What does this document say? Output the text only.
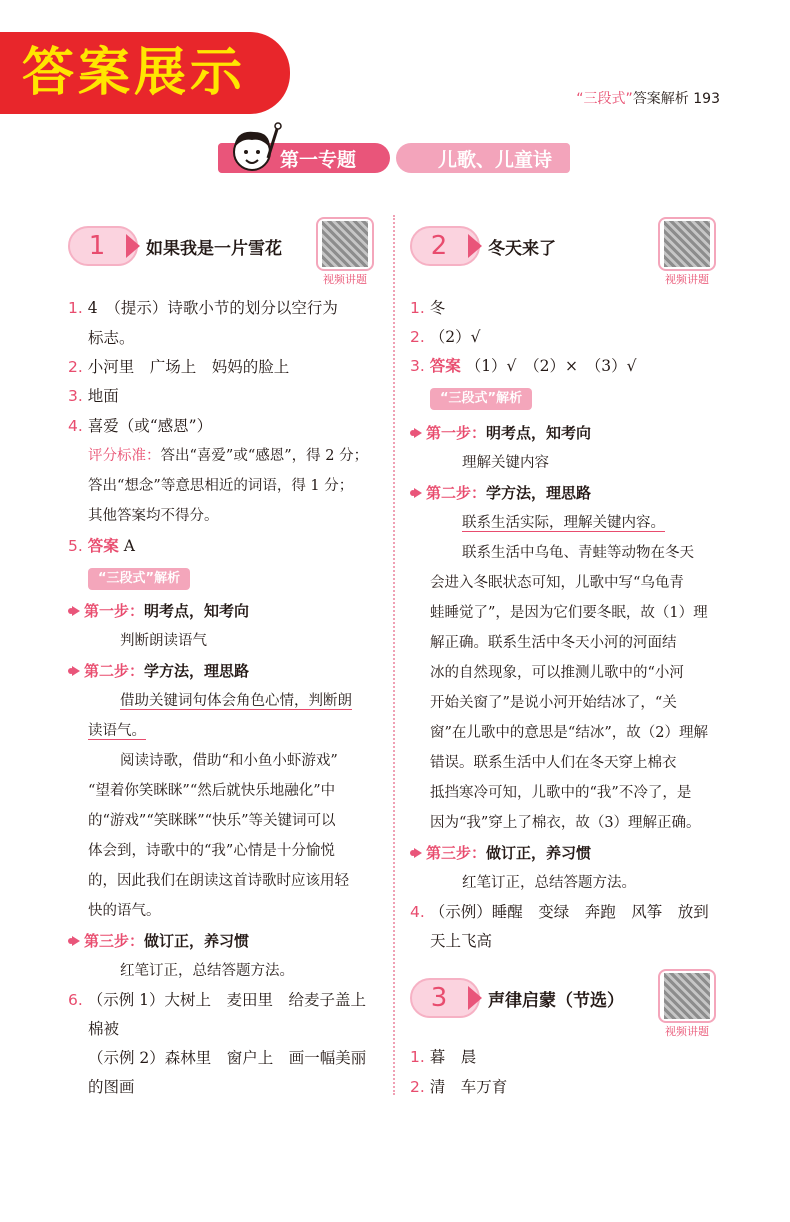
答案展示	“三段式”答案解析 193
第一专题	儿歌、儿童诗
1	如果我是一片雪花
视频讲题
1. 4　（提示）诗歌小节的划分以空行为
标志。
2. 小河里　广场上　妈妈的脸上
3. 地面
4. 喜爱（或“感恩”）
评分标准：答出“喜爱”或“感恩”，得 2 分；
答出“想念”等意思相近的词语，得 1 分；
其他答案均不得分。
5. 答案 A
“三段式”解析
第一步：明考点，知考向
判断朗读语气
第二步：学方法，理思路
借助关键词句体会角色心情，判断朗
读语气。
阅读诗歌，借助“和小鱼小虾游戏”
“望着你笑眯眯”“然后就快乐地融化”中
的“游戏”“笑眯眯”“快乐”等关键词可以
体会到，诗歌中的“我”心情是十分愉悦
的，因此我们在朗读这首诗歌时应该用轻
快的语气。
第三步：做订正，养习惯
红笔订正，总结答题方法。
6. （示例 1）大树上　麦田里　给麦子盖上
棉被
（示例 2）森林里　窗户上　画一幅美丽
的图画
2	冬天来了
视频讲题
1. 冬
2. （2）√
3. 答案 （1）√　（2）×　（3）√
“三段式”解析
第一步：明考点，知考向
理解关键内容
第二步：学方法，理思路
联系生活实际，理解关键内容。
联系生活中乌龟、青蛙等动物在冬天
会进入冬眠状态可知，儿歌中写“乌龟青
蛙睡觉了”，是因为它们要冬眠，故（1）理
解正确。联系生活中冬天小河的河面结
冰的自然现象，可以推测儿歌中的“小河
开始关窗了”是说小河开始结冰了，“关
窗”在儿歌中的意思是“结冰”，故（2）理解
错误。联系生活中人们在冬天穿上棉衣
抵挡寒冷可知，儿歌中的“我”不冷了，是
因为“我”穿上了棉衣，故（3）理解正确。
第三步：做订正，养习惯
红笔订正，总结答题方法。
4. （示例）睡醒　变绿　奔跑　风筝　放到
天上飞高
3	声律启蒙（节选）
视频讲题
1. 暮　晨
2. 清　车万育
